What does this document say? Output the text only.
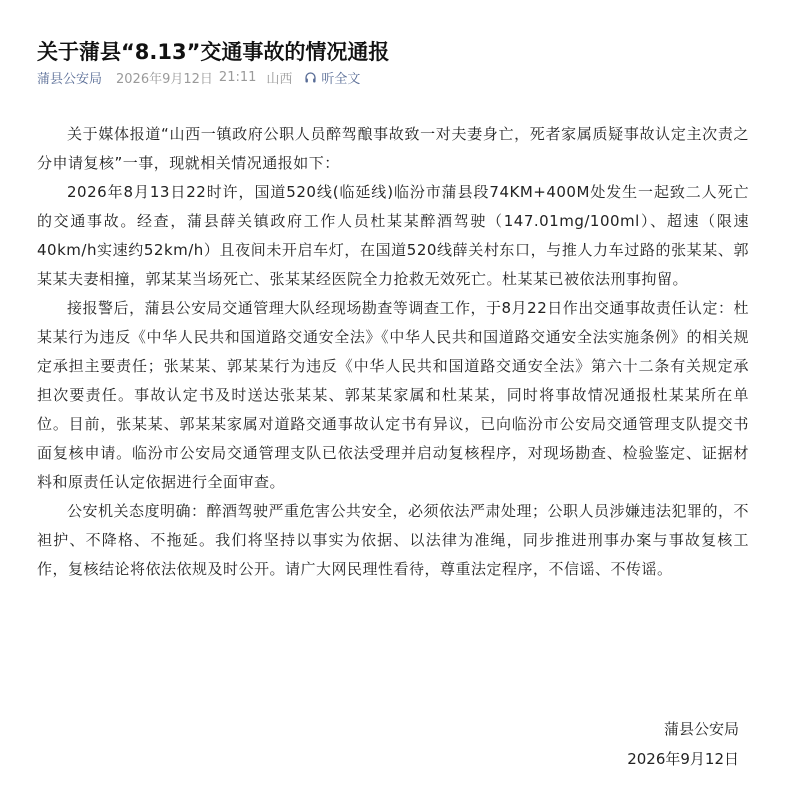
关于蒲县“8.13”交通事故的情况通报
蒲县公安局 2026年9月12日 21:11 山西 听全文

关于媒体报道“山西一镇政府公职人员醉驾酿事故致一对夫妻身亡，死者家属质疑事故认定主次责之分申请复核”一事，现就相关情况通报如下：

2026年8月13日22时许，国道520线(临延线)临汾市蒲县段74KM+400M处发生一起致二人死亡的交通事故。经查，蒲县薛关镇政府工作人员杜某某醉酒驾驶（147.01mg/100ml）、超速（限速40km/h实速约52km/h）且夜间未开启车灯，在国道520线薛关村东口，与推人力车过路的张某某、郭某某夫妻相撞，郭某某当场死亡、张某某经医院全力抢救无效死亡。杜某某已被依法刑事拘留。

接报警后，蒲县公安局交通管理大队经现场勘查等调查工作，于8月22日作出交通事故责任认定：杜某某行为违反《中华人民共和国道路交通安全法》《中华人民共和国道路交通安全法实施条例》的相关规定承担主要责任；张某某、郭某某行为违反《中华人民共和国道路交通安全法》第六十二条有关规定承担次要责任。事故认定书及时送达张某某、郭某某家属和杜某某，同时将事故情况通报杜某某所在单位。目前，张某某、郭某某家属对道路交通事故认定书有异议，已向临汾市公安局交通管理支队提交书面复核申请。临汾市公安局交通管理支队已依法受理并启动复核程序，对现场勘查、检验鉴定、证据材料和原责任认定依据进行全面审查。

公安机关态度明确：醉酒驾驶严重危害公共安全，必须依法严肃处理；公职人员涉嫌违法犯罪的，不袒护、不降格、不拖延。我们将坚持以事实为依据、以法律为准绳，同步推进刑事办案与事故复核工作，复核结论将依法依规及时公开。请广大网民理性看待，尊重法定程序，不信谣、不传谣。

蒲县公安局
2026年9月12日
